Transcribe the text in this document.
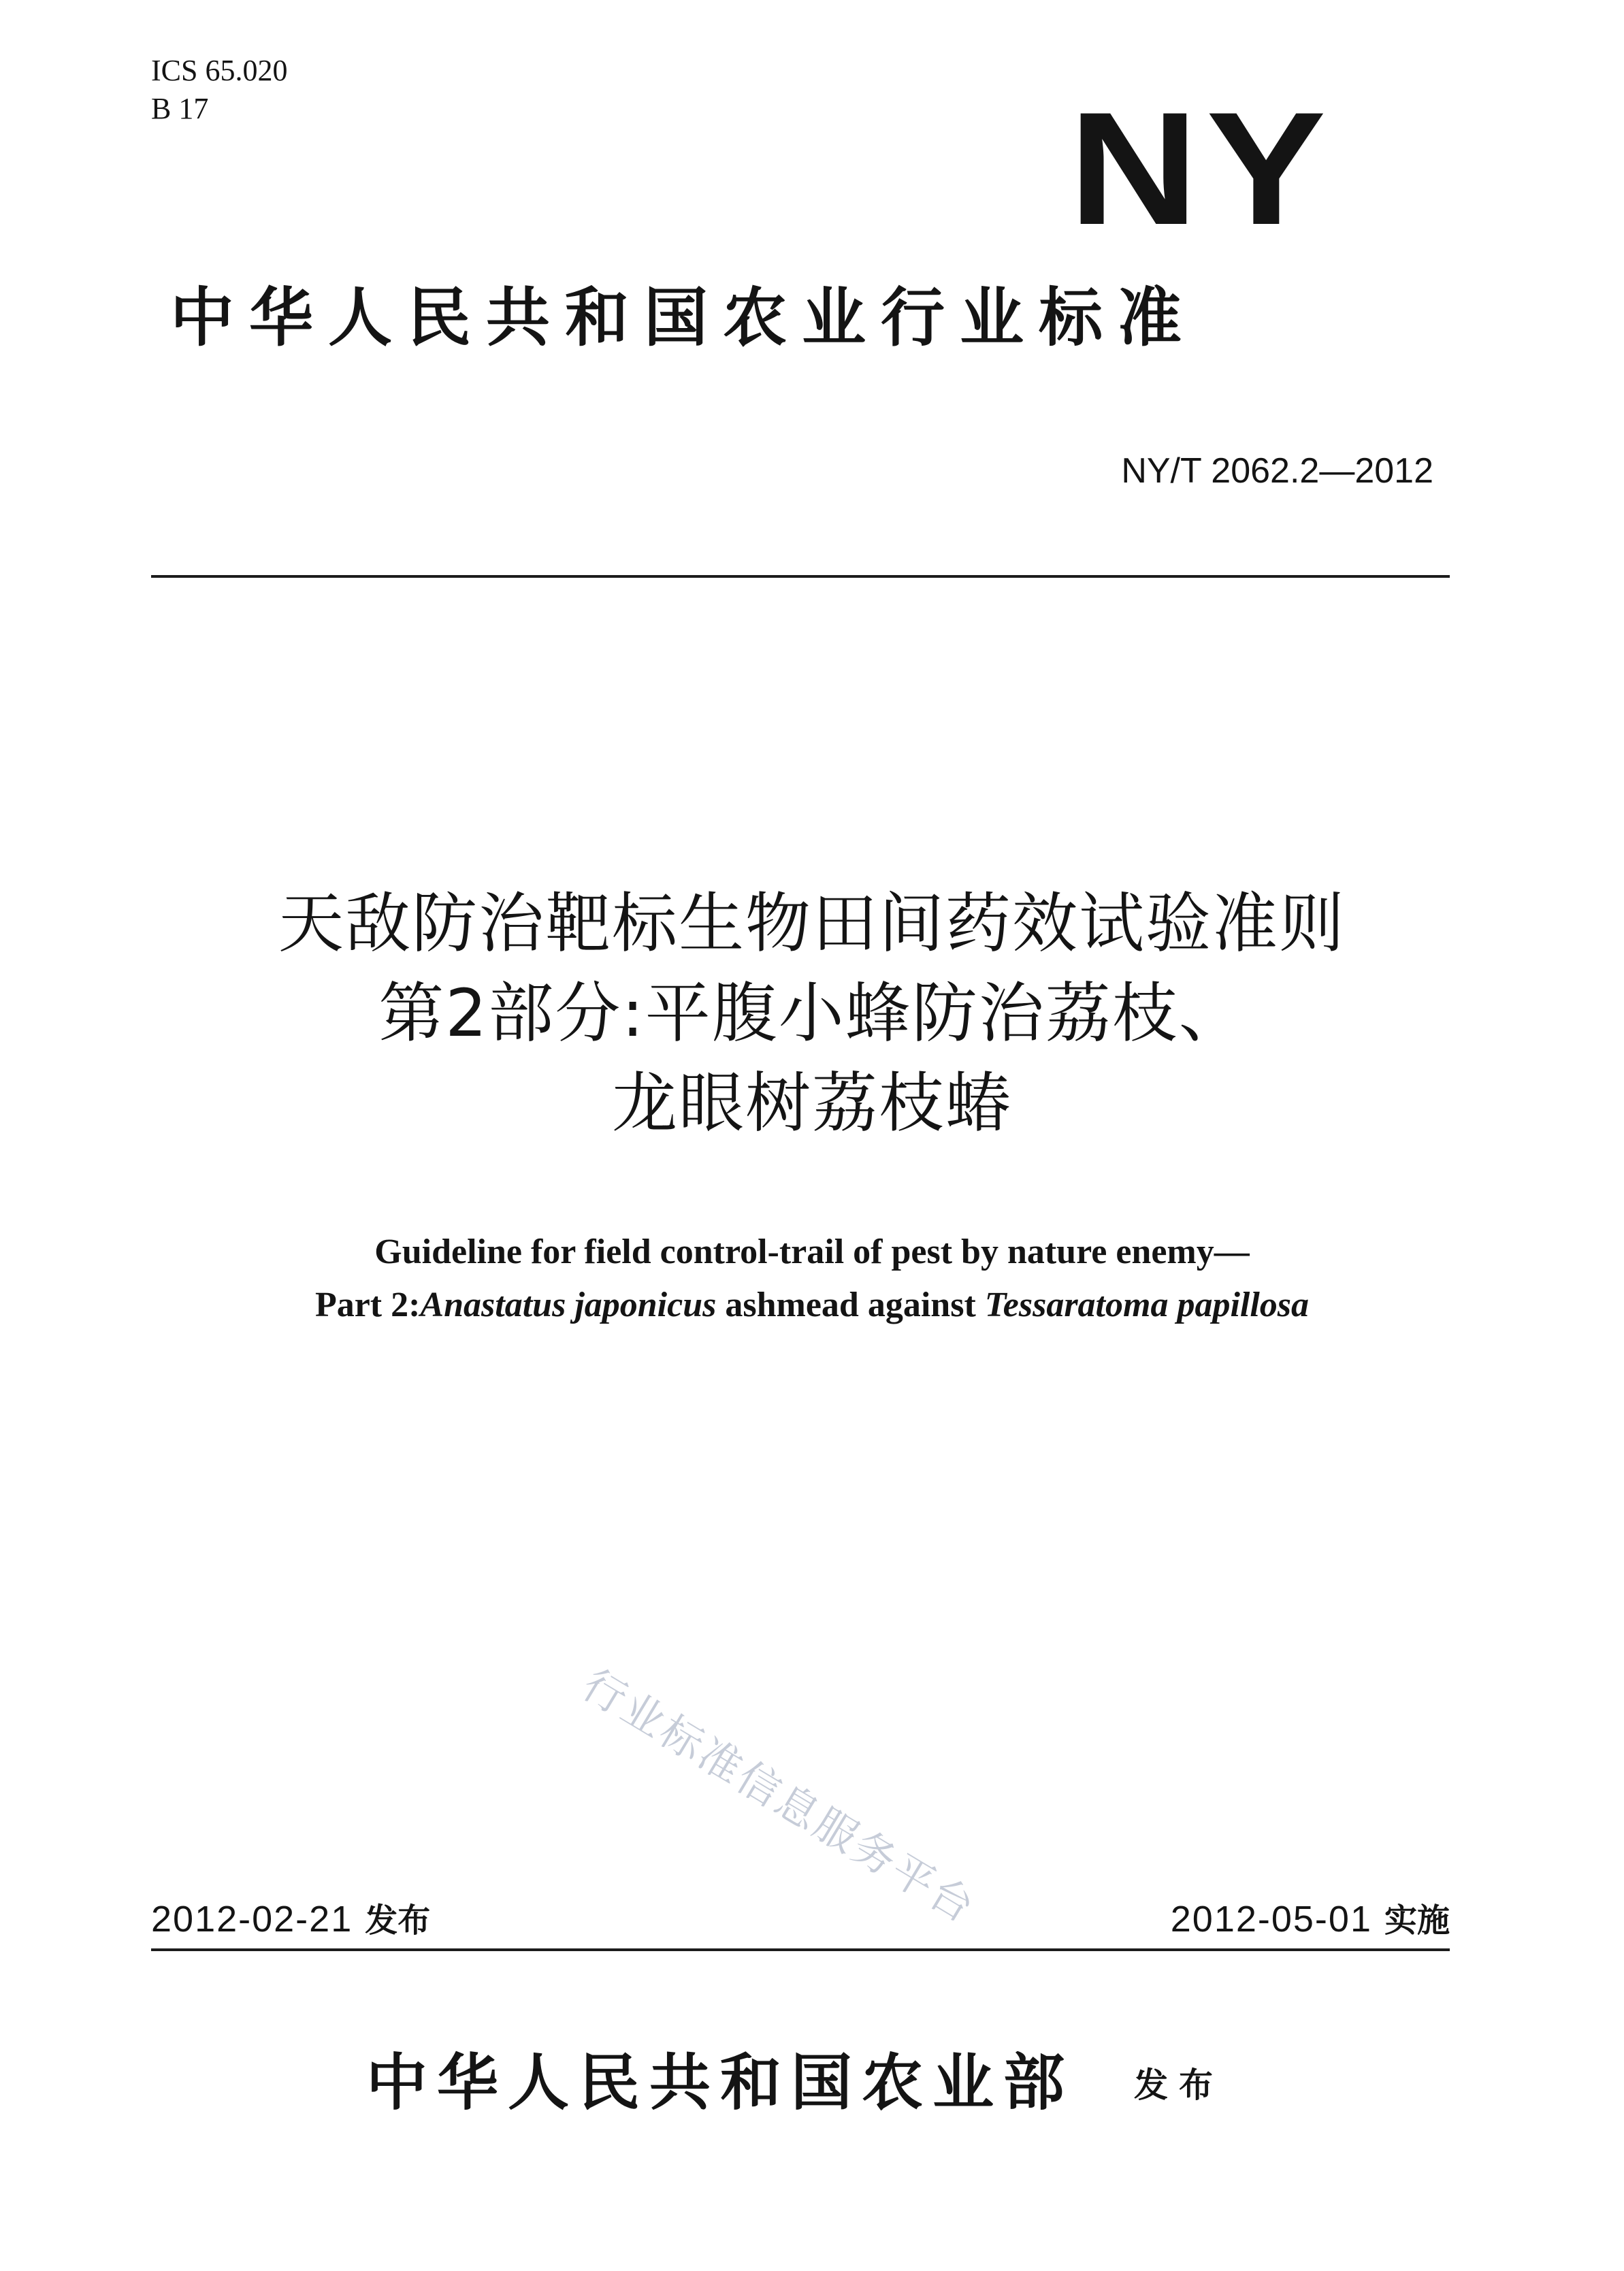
ICS 65.020
B 17	NY
中华人民共和国农业行业标准
NY/T 2062.2—2012
天敌防治靶标生物田间药效试验准则
第2部分:平腹小蜂防治荔枝、
龙眼树荔枝蝽
Guideline for field control-trail of pest by nature enemy—
Part 2:Anastatus japonicus ashmead against Tessaratoma papillosa
行业标准信息服务平台
2012-02-21 发布	2012-05-01 实施
中华人民共和国农业部 发布
